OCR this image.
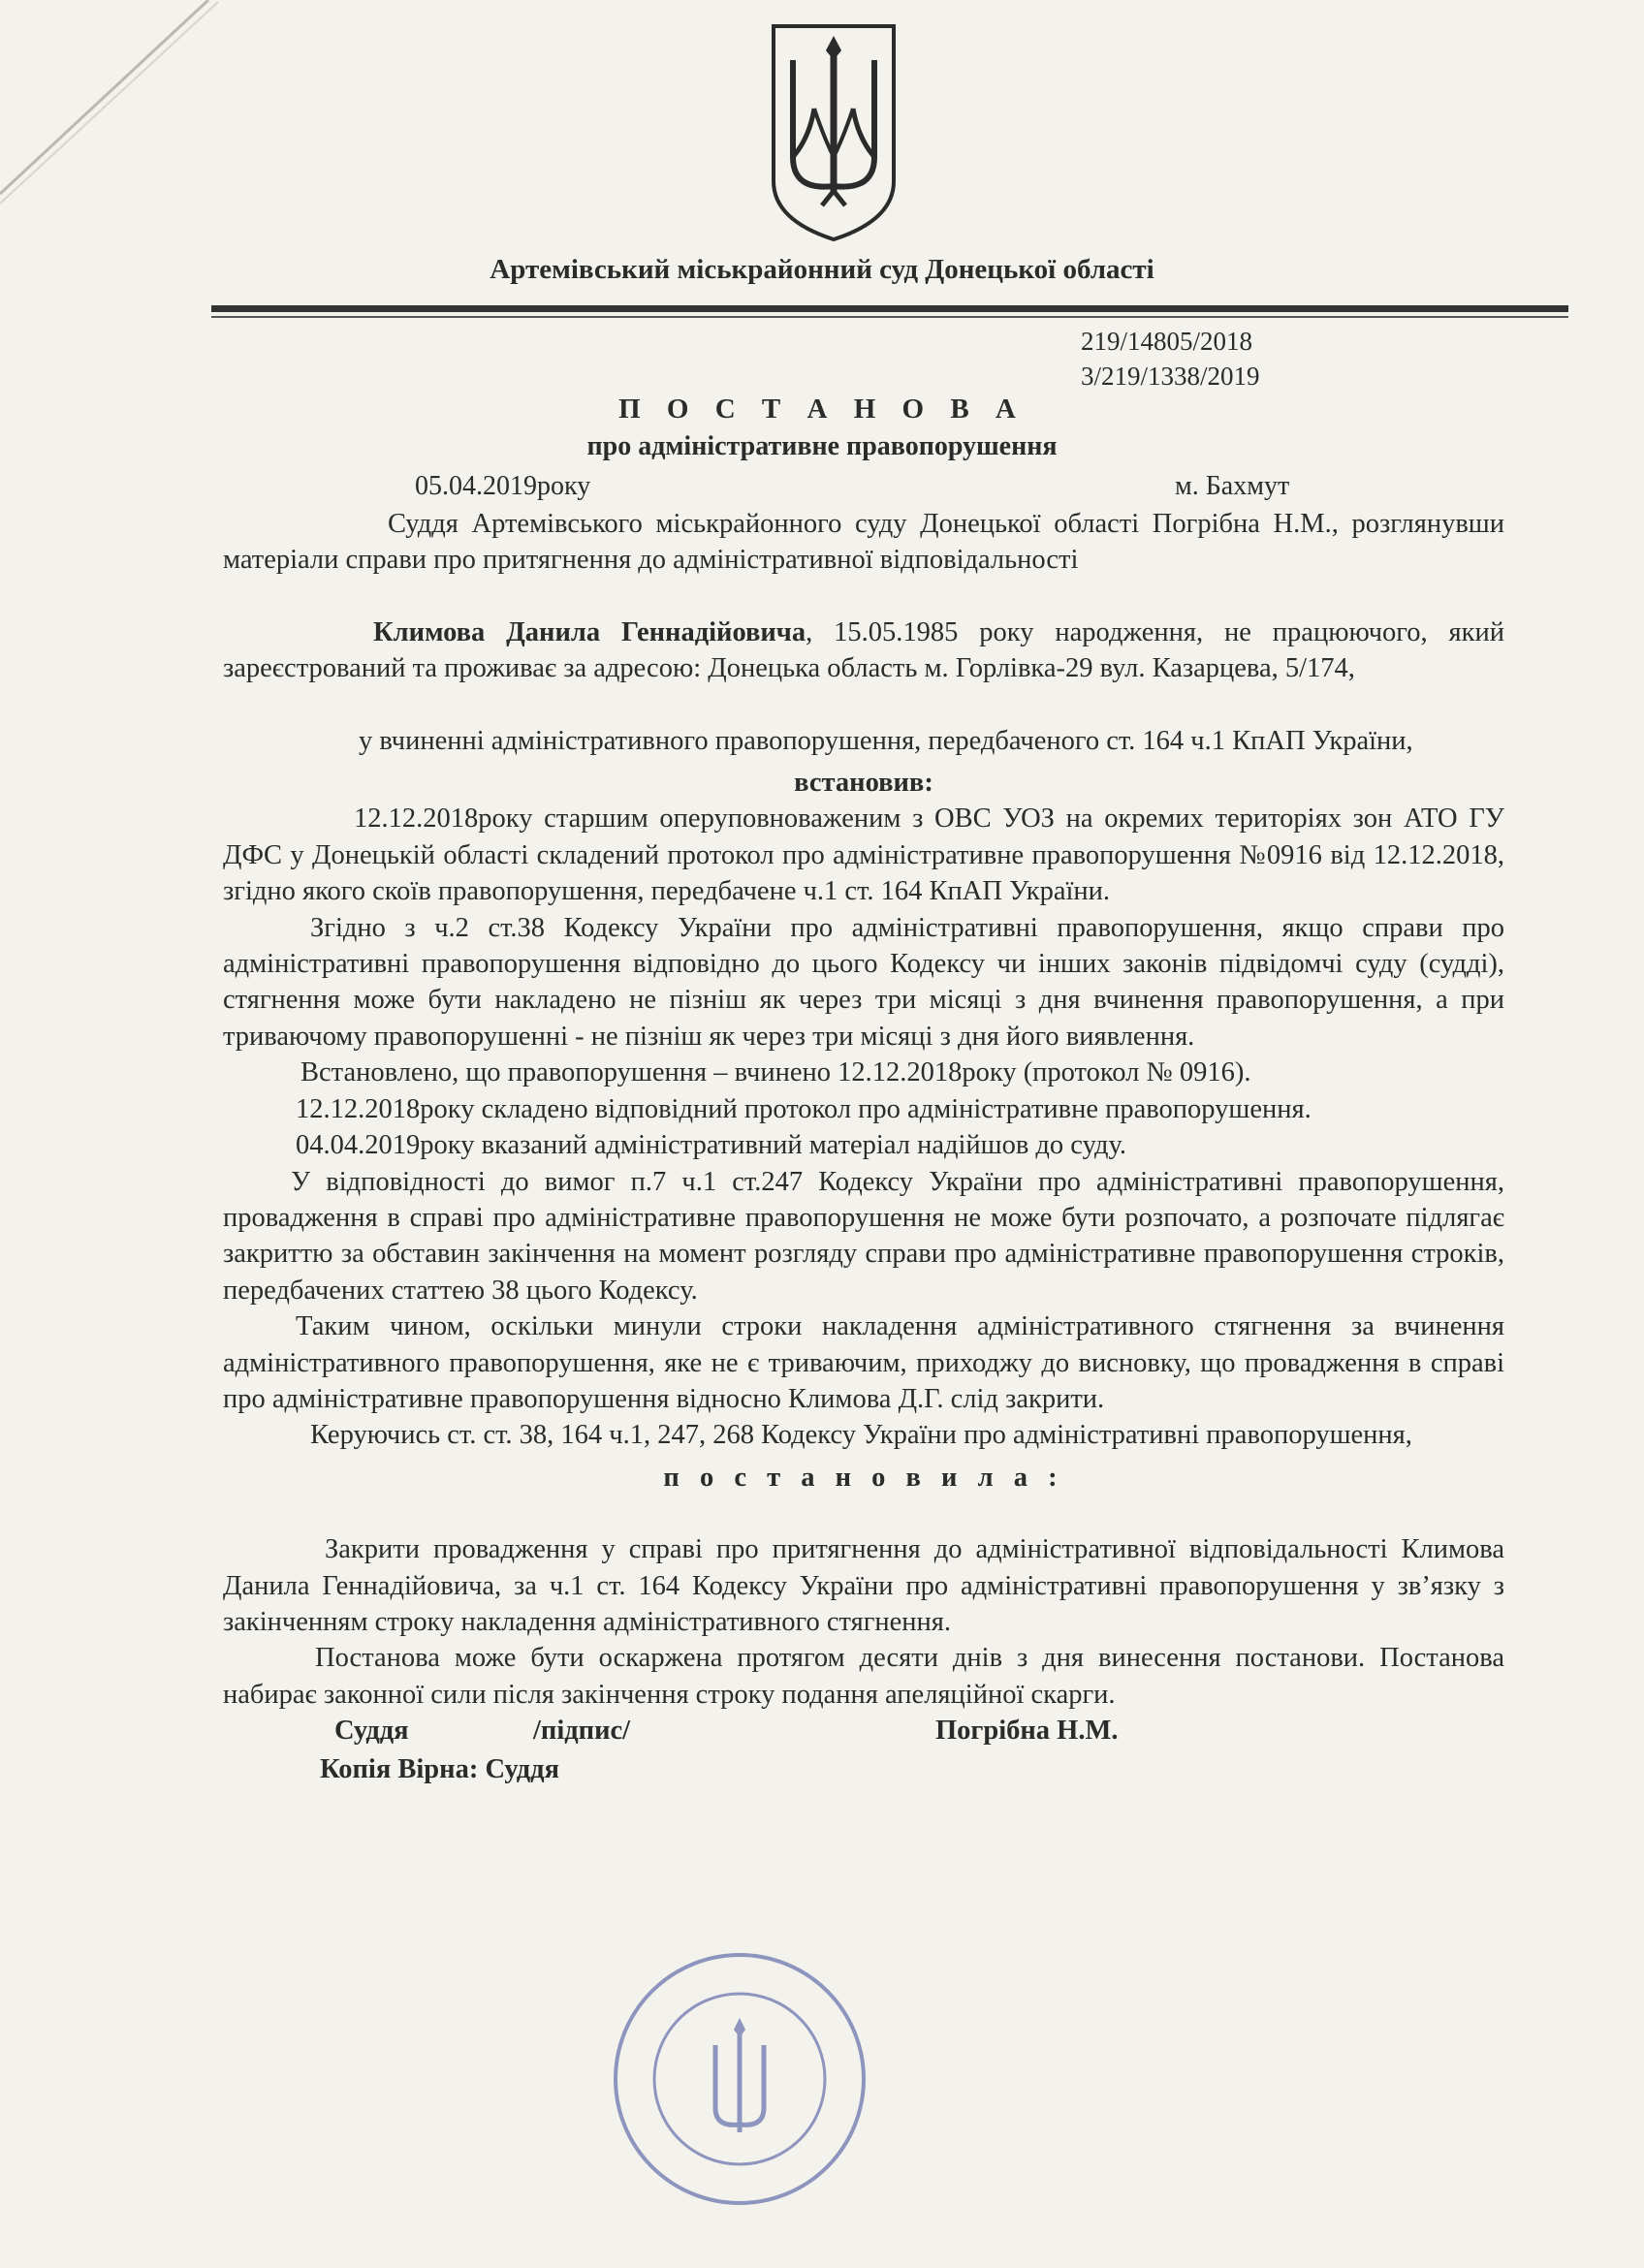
Артемівський міськрайонний суд Донецької області
219/14805/2018
3/219/1338/2019
П О С Т А Н О В А
про адміністративне правопорушення
05.04.2019року	м. Бахмут

Суддя Артемівського міськрайонного суду Донецької області Погрібна Н.М., розглянувши матеріали справи про притягнення до адміністративної відповідальності

Климова Данила Геннадійовича, 15.05.1985 року народження, не працюючого, який зареєстрований та проживає за адресою: Донецька область м. Горлівка-29 вул. Казарцева, 5/174,

у вчиненні адміністративного правопорушення, передбаченого ст. 164 ч.1 КпАП України,

встановив:

12.12.2018року старшим оперуповноваженим з ОВС УОЗ на окремих територіях зон АТО ГУ ДФС у Донецькій області складений протокол про адміністративне правопорушення №0916 від 12.12.2018, згідно якого скоїв правопорушення, передбачене ч.1 ст. 164 КпАП України.

Згідно з ч.2 ст.38 Кодексу України про адміністративні правопорушення, якщо справи про адміністративні правопорушення відповідно до цього Кодексу чи інших законів підвідомчі суду (судді), стягнення може бути накладено не пізніш як через три місяці з дня вчинення правопорушення, а при триваючому правопорушенні - не пізніш як через три місяці з дня його виявлення.

Встановлено, що правопорушення – вчинено 12.12.2018року (протокол № 0916).

12.12.2018року складено відповідний протокол про адміністративне правопорушення.

04.04.2019року вказаний адміністративний матеріал надійшов до суду.

У відповідності до вимог п.7 ч.1 ст.247 Кодексу України про адміністративні правопорушення, провадження в справі про адміністративне правопорушення не може бути розпочато, а розпочате підлягає закриттю за обставин закінчення на момент розгляду справи про адміністративне правопорушення строків, передбачених статтею 38 цього Кодексу.

Таким чином, оскільки минули строки накладення адміністративного стягнення за вчинення адміністративного правопорушення, яке не є триваючим, приходжу до висновку, що провадження в справі про адміністративне правопорушення відносно Климова Д.Г. слід закрити.

Керуючись ст. ст. 38, 164 ч.1, 247, 268 Кодексу України про адміністративні правопорушення,

п о с т а н о в и л а :

Закрити провадження у справі про притягнення до адміністративної відповідальності Климова Данила Геннадійовича, за ч.1 ст. 164 Кодексу України про адміністративні правопорушення у зв’язку з закінченням строку накладення адміністративного стягнення.

Постанова може бути оскаржена протягом десяти днів з дня винесення постанови. Постанова набирає законної сили після закінчення строку подання апеляційної скарги.

Суддя	/підпис/	Погрібна Н.М.
Копія Вірна: Суддя
